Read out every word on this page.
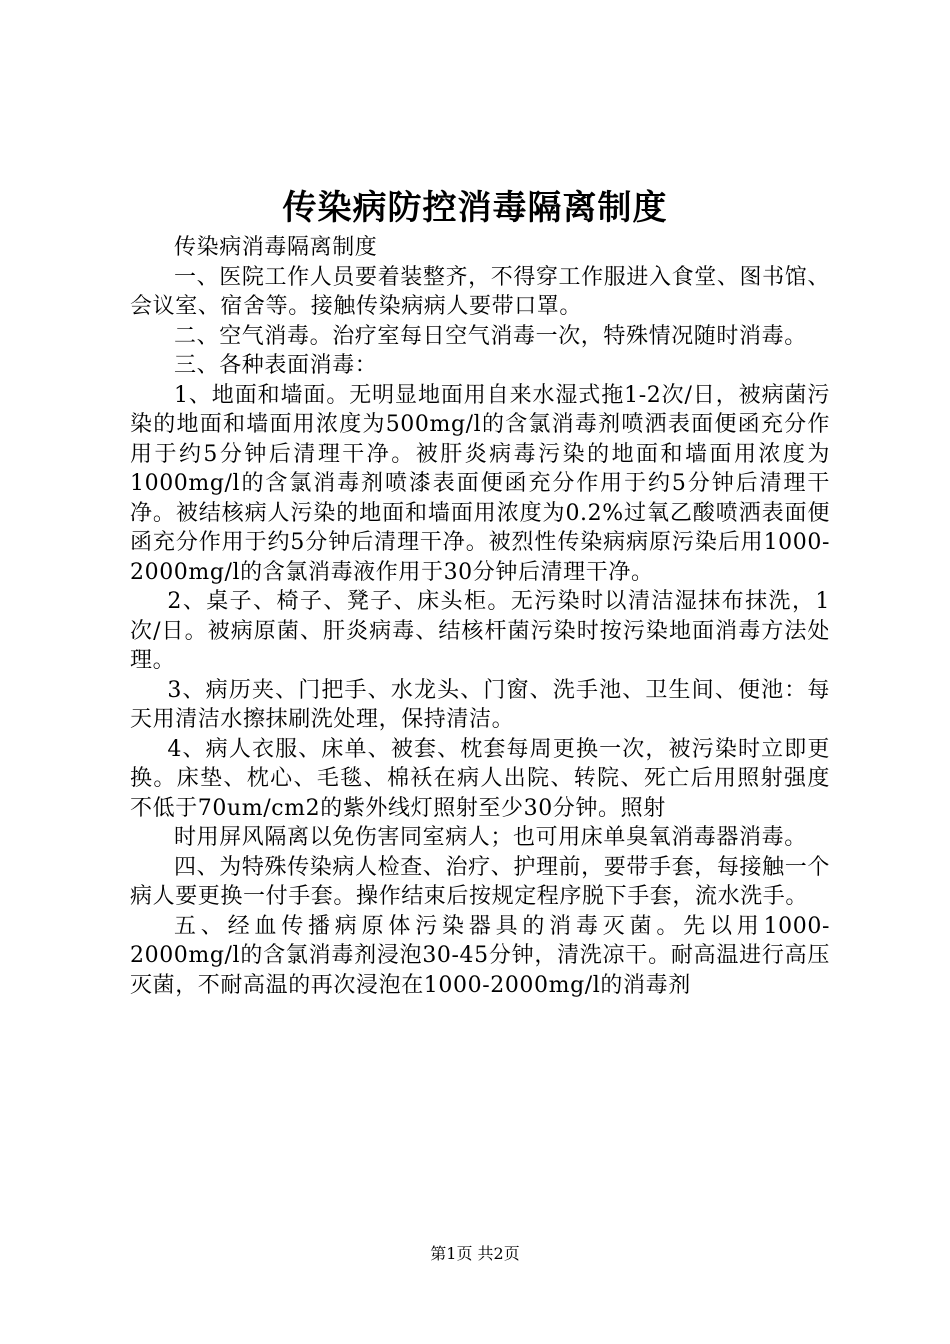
传染病防控消毒隔离制度

传染病消毒隔离制度

一、医院工作人员要着装整齐，不得穿工作服进入食堂、图书馆、会议室、宿舍等。接触传染病病人要带口罩。

二、空气消毒。治疗室每日空气消毒一次，特殊情况随时消毒。

三、各种表面消毒：

1、地面和墙面。无明显地面用自来水湿式拖1-2次/日，被病菌污染的地面和墙面用浓度为500mg/l的含氯消毒剂喷洒表面便函充分作用于约5分钟后清理干净。被肝炎病毒污染的地面和墙面用浓度为1000mg/l的含氯消毒剂喷漆表面便函充分作用于约5分钟后清理干净。被结核病人污染的地面和墙面用浓度为0.2%过氧乙酸喷洒表面便函充分作用于约5分钟后清理干净。被烈性传染病病原污染后用1000-2000mg/l的含氯消毒液作用于30分钟后清理干净。

2、桌子、椅子、凳子、床头柜。无污染时以清洁湿抹布抹洗，1次/日。被病原菌、肝炎病毒、结核杆菌污染时按污染地面消毒方法处理。

3、病历夹、门把手、水龙头、门窗、洗手池、卫生间、便池：每天用清洁水擦抹刷洗处理，保持清洁。

4、病人衣服、床单、被套、枕套每周更换一次，被污染时立即更换。床垫、枕心、毛毯、棉袄在病人出院、转院、死亡后用照射强度不低于70um/cm2的紫外线灯照射至少30分钟。照射

时用屏风隔离以免伤害同室病人；也可用床单臭氧消毒器消毒。

四、为特殊传染病人检查、治疗、护理前，要带手套，每接触一个病人要更换一付手套。操作结束后按规定程序脱下手套，流水洗手。

五、经血传播病原体污染器具的消毒灭菌。先以用1000-2000mg/l的含氯消毒剂浸泡30-45分钟，清洗凉干。耐高温进行高压灭菌，不耐高温的再次浸泡在1000-2000mg/l的消毒剂

第1页 共2页
